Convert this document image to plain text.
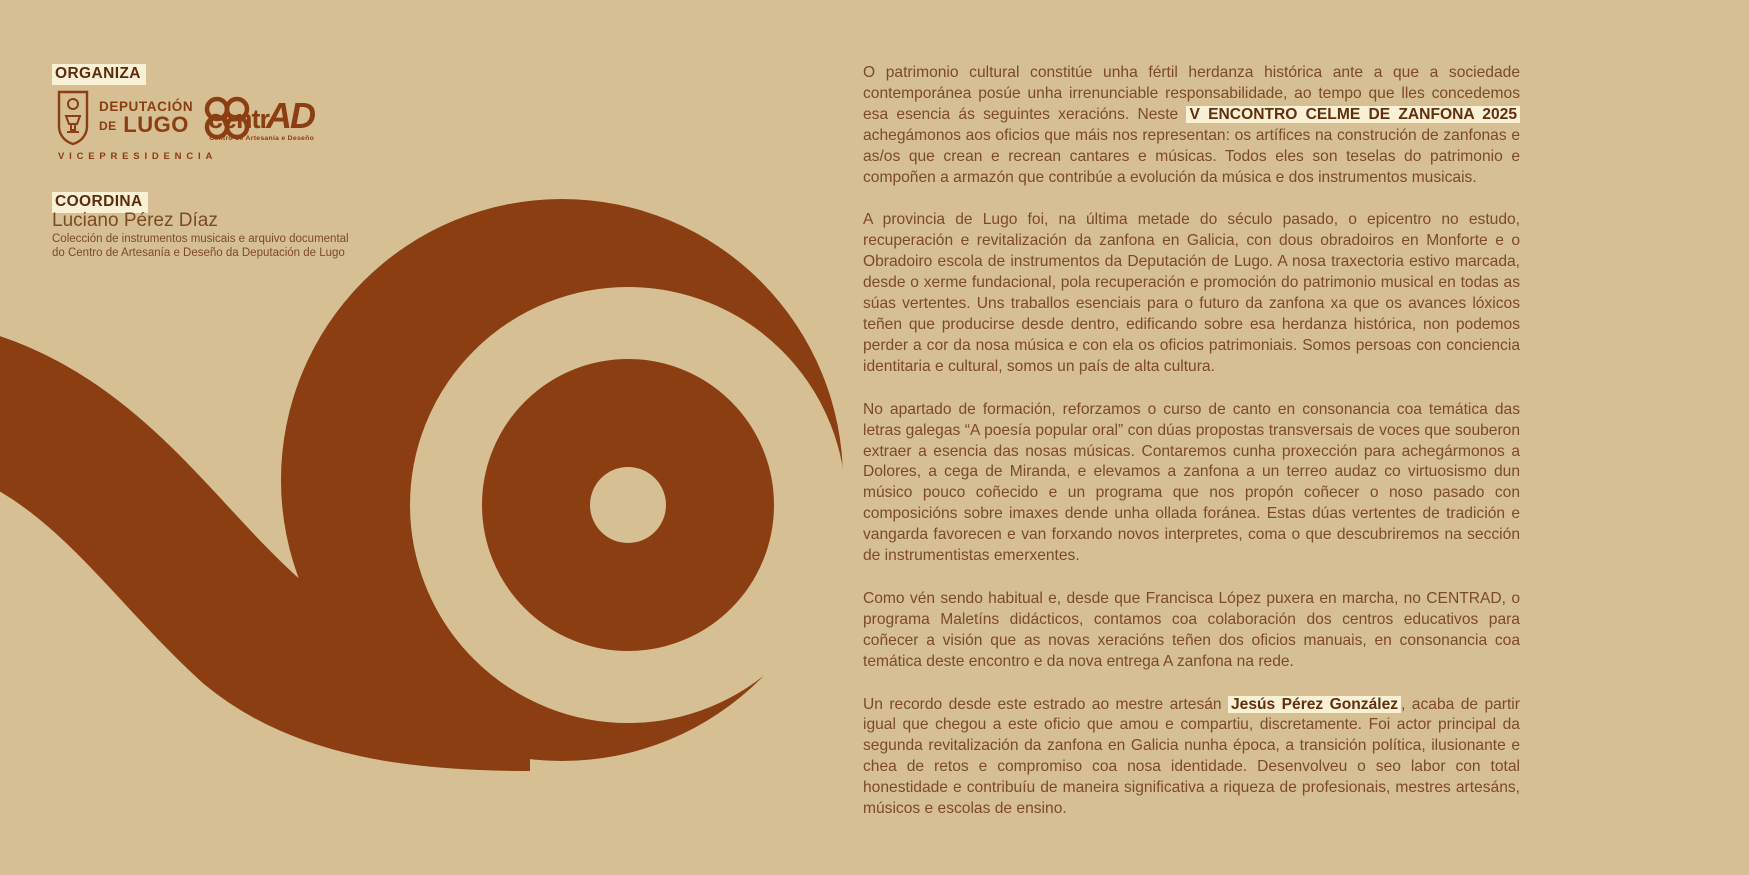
ORGANIZA
DEPUTACIÓN
DE LUGO
VICEPRESIDENCIA
centr
AD
Centro de Artesanía e Deseño
COORDINA
Luciano Pérez Díaz
Colección de instrumentos musicais e arquivo documental
do Centro de Artesanía e Deseño da Deputación de Lugo

O patrimonio cultural constitúe unha fértil herdanza histórica ante a que a sociedade contemporánea posúe unha irrenunciable responsabilidade, ao tempo que lles concedemos esa esencia ás seguintes xeracións. Neste V ENCONTRO CELME DE ZANFONA 2025 achegámonos aos oficios que máis nos representan: os artífices na construción de zanfonas e as/os que crean e recrean cantares e músicas. Todos eles son teselas do patrimonio e compoñen a armazón que contribúe a evolución da música e dos instrumentos musicais.

A provincia de Lugo foi, na última metade do século pasado, o epicentro no estudo, recuperación e revitalización da zanfona en Galicia, con dous obradoiros en Monforte e o Obradoiro escola de instrumentos da Deputación de Lugo. A nosa traxectoria estivo marcada, desde o xerme fundacional, pola recuperación e promoción do patrimonio musical en todas as súas vertentes. Uns traballos esenciais para o futuro da zanfona xa que os avances lóxicos teñen que producirse desde dentro, edificando sobre esa herdanza histórica, non podemos perder a cor da nosa música e con ela os oficios patrimoniais. Somos persoas con conciencia identitaria e cultural, somos un país de alta cultura.

No apartado de formación, reforzamos o curso de canto en consonancia coa temática das letras galegas “A poesía popular oral” con dúas propostas transversais de voces que souberon extraer a esencia das nosas músicas. Contaremos cunha proxección para achegármonos a Dolores, a cega de Miranda, e elevamos a zanfona a un terreo audaz co virtuosismo dun músico pouco coñecido e un programa que nos propón coñecer o noso pasado con composicións sobre imaxes dende unha ollada foránea. Estas dúas vertentes de tradición e vangarda favorecen e van forxando novos interpretes, coma o que descubriremos na sección de instrumentistas emerxentes.

Como vén sendo habitual e, desde que Francisca López puxera en marcha, no CENTRAD, o programa Maletíns didácticos, contamos coa colaboración dos centros educativos para coñecer a visión que as novas xeracións teñen dos oficios manuais, en consonancia coa temática deste encontro e da nova entrega A zanfona na rede.

Un recordo desde este estrado ao mestre artesán Jesús Pérez González , acaba de partir igual que chegou a este oficio que amou e compartiu, discretamente. Foi actor principal da segunda revitalización da zanfona en Galicia nunha época, a transición política, ilusionante e chea de retos e compromiso coa nosa identidade. Desenvolveu o seo labor con total honestidade e contribuíu de maneira significativa a riqueza de profesionais, mestres artesáns, músicos e escolas de ensino.
